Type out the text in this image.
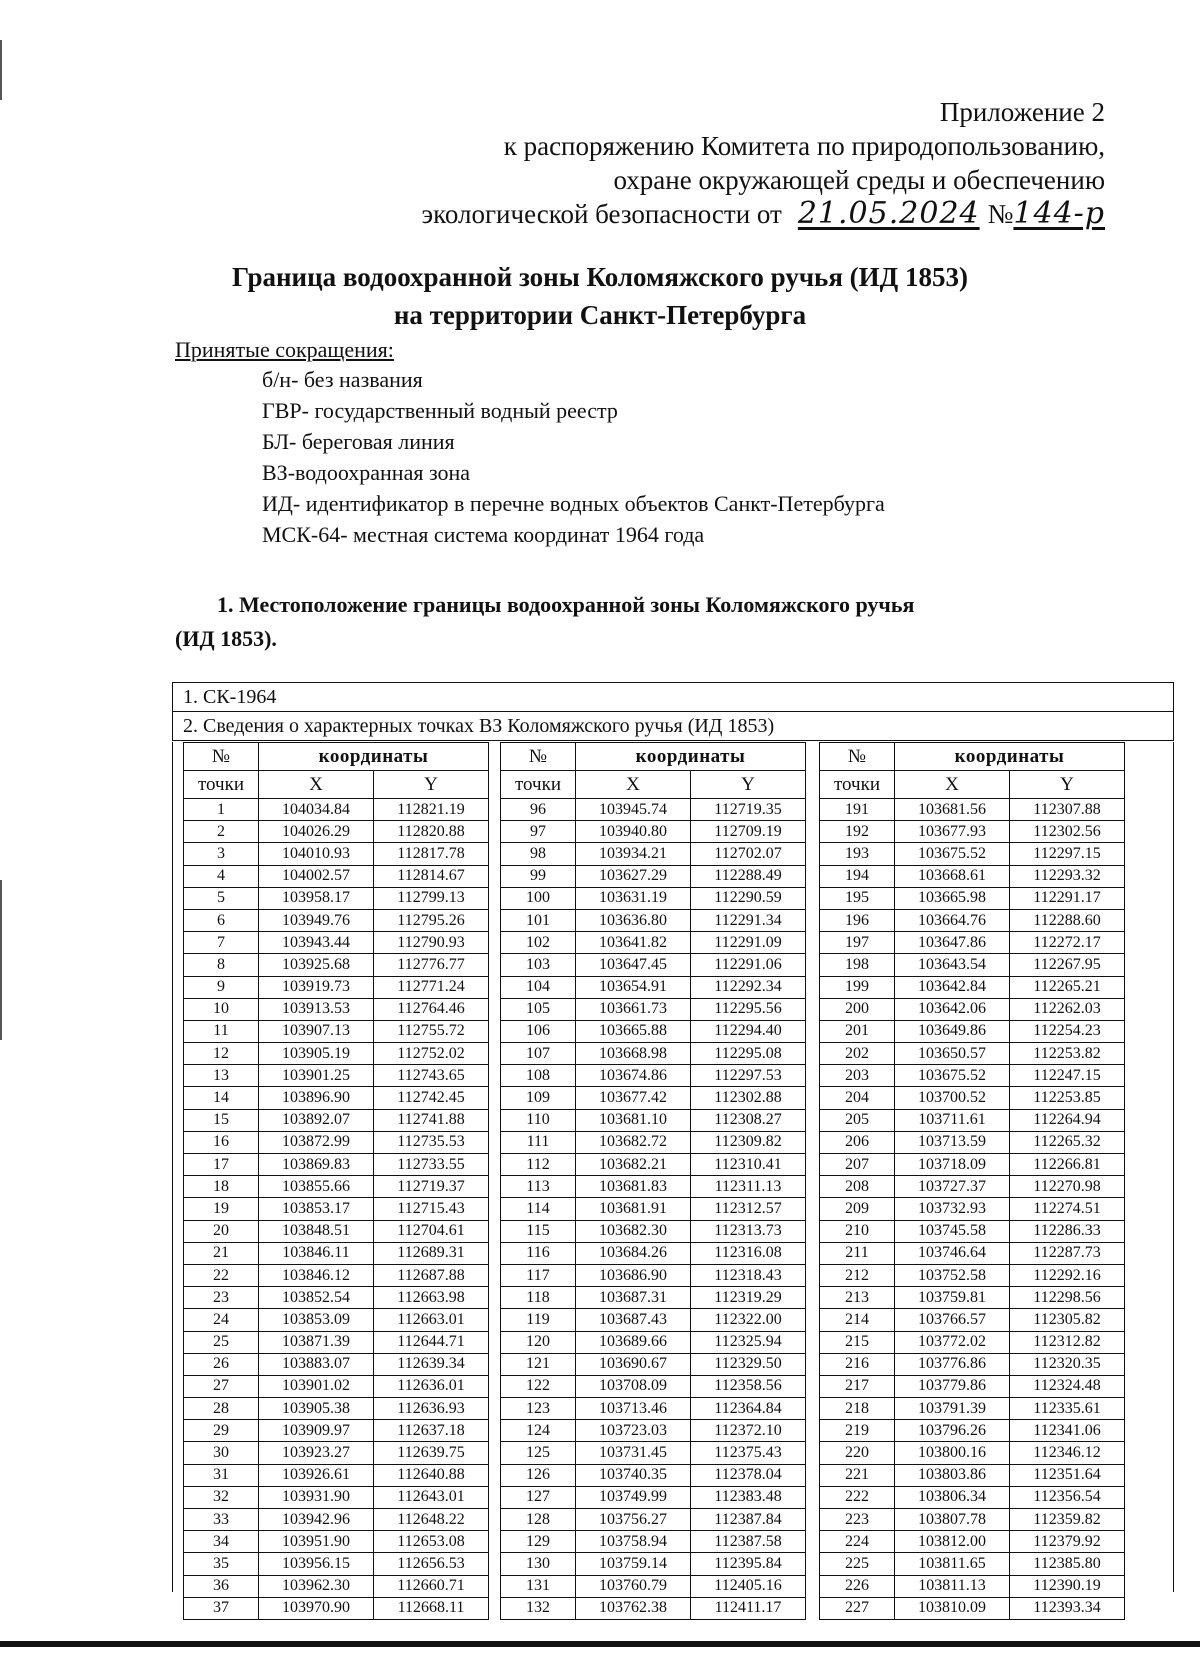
Приложение 2
к распоряжению Комитета по природопользованию,
охране окружающей среды и обеспечению
экологической безопасности от 21.05.2024 №144-р
Граница водоохранной зоны Коломяжского ручья (ИД 1853)
на территории Санкт-Петербурга
Принятые сокращения:
б/н- без названия
ГВР- государственный водный реестр
БЛ- береговая линия
ВЗ-водоохранная зона
ИД- идентификатор в перечне водных объектов Санкт-Петербурга
МСК-64- местная система координат 1964 года
1. Местоположение границы водоохранной зоны Коломяжского ручья
(ИД 1853).
1. СК-1964
2. Сведения о характерных точках ВЗ Коломяжского ручья (ИД 1853)
№	координаты	
точки	X	Y
1	104034.84	112821.19
2	104026.29	112820.88
3	104010.93	112817.78
4	104002.57	112814.67
5	103958.17	112799.13
6	103949.76	112795.26
7	103943.44	112790.93
8	103925.68	112776.77
9	103919.73	112771.24
10	103913.53	112764.46
11	103907.13	112755.72
12	103905.19	112752.02
13	103901.25	112743.65
14	103896.90	112742.45
15	103892.07	112741.88
16	103872.99	112735.53
17	103869.83	112733.55
18	103855.66	112719.37
19	103853.17	112715.43
20	103848.51	112704.61
21	103846.11	112689.31
22	103846.12	112687.88
23	103852.54	112663.98
24	103853.09	112663.01
25	103871.39	112644.71
26	103883.07	112639.34
27	103901.02	112636.01
28	103905.38	112636.93
29	103909.97	112637.18
30	103923.27	112639.75
31	103926.61	112640.88
32	103931.90	112643.01
33	103942.96	112648.22
34	103951.90	112653.08
35	103956.15	112656.53
36	103962.30	112660.71
37	103970.90	112668.11
№	координаты	
точки	X	Y
96	103945.74	112719.35
97	103940.80	112709.19
98	103934.21	112702.07
99	103627.29	112288.49
100	103631.19	112290.59
101	103636.80	112291.34
102	103641.82	112291.09
103	103647.45	112291.06
104	103654.91	112292.34
105	103661.73	112295.56
106	103665.88	112294.40
107	103668.98	112295.08
108	103674.86	112297.53
109	103677.42	112302.88
110	103681.10	112308.27
111	103682.72	112309.82
112	103682.21	112310.41
113	103681.83	112311.13
114	103681.91	112312.57
115	103682.30	112313.73
116	103684.26	112316.08
117	103686.90	112318.43
118	103687.31	112319.29
119	103687.43	112322.00
120	103689.66	112325.94
121	103690.67	112329.50
122	103708.09	112358.56
123	103713.46	112364.84
124	103723.03	112372.10
125	103731.45	112375.43
126	103740.35	112378.04
127	103749.99	112383.48
128	103756.27	112387.84
129	103758.94	112387.58
130	103759.14	112395.84
131	103760.79	112405.16
132	103762.38	112411.17
№	координаты	
точки	X	Y
191	103681.56	112307.88
192	103677.93	112302.56
193	103675.52	112297.15
194	103668.61	112293.32
195	103665.98	112291.17
196	103664.76	112288.60
197	103647.86	112272.17
198	103643.54	112267.95
199	103642.84	112265.21
200	103642.06	112262.03
201	103649.86	112254.23
202	103650.57	112253.82
203	103675.52	112247.15
204	103700.52	112253.85
205	103711.61	112264.94
206	103713.59	112265.32
207	103718.09	112266.81
208	103727.37	112270.98
209	103732.93	112274.51
210	103745.58	112286.33
211	103746.64	112287.73
212	103752.58	112292.16
213	103759.81	112298.56
214	103766.57	112305.82
215	103772.02	112312.82
216	103776.86	112320.35
217	103779.86	112324.48
218	103791.39	112335.61
219	103796.26	112341.06
220	103800.16	112346.12
221	103803.86	112351.64
222	103806.34	112356.54
223	103807.78	112359.82
224	103812.00	112379.92
225	103811.65	112385.80
226	103811.13	112390.19
227	103810.09	112393.34
